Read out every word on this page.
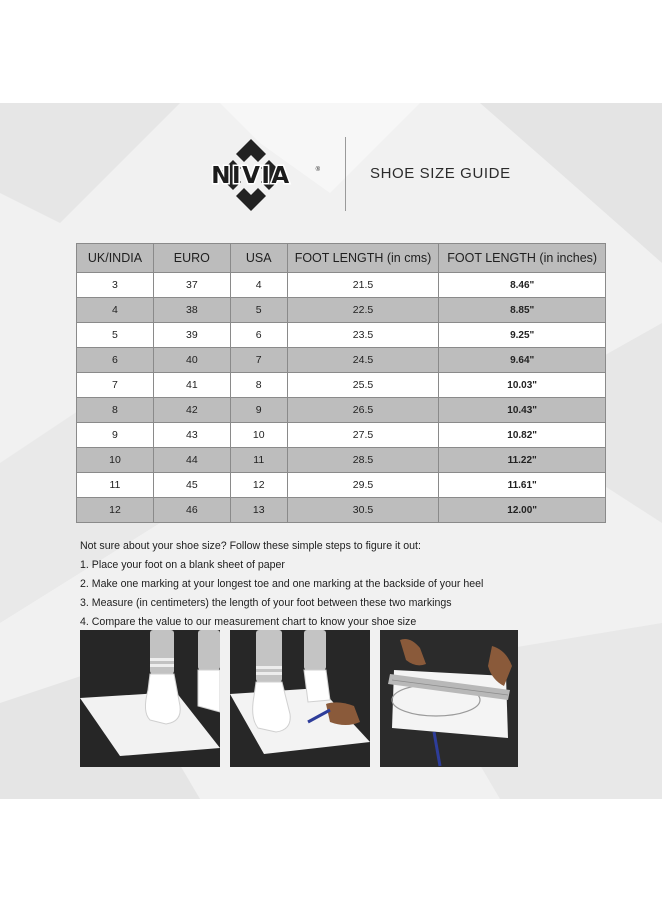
NIVIA	®	SHOE SIZE GUIDE
UK/INDIA	EURO	USA	FOOT LENGTH (in cms)	FOOT LENGTH (in inches)
3	37	4	21.5	8.46"
4	38	5	22.5	8.85"
5	39	6	23.5	9.25"
6	40	7	24.5	9.64"
7	41	8	25.5	10.03"
8	42	9	26.5	10.43"
9	43	10	27.5	10.82"
10	44	11	28.5	11.22"
11	45	12	29.5	11.61"
12	46	13	30.5	12.00"

Not sure about your shoe size? Follow these simple steps to figure it out:

1. Place your foot on a blank sheet of paper

2. Make one marking at your longest toe and one marking at the backside of your heel

3. Measure (in centimeters) the length of your foot between these two markings

4. Compare the value to our measurement chart to know your shoe size
